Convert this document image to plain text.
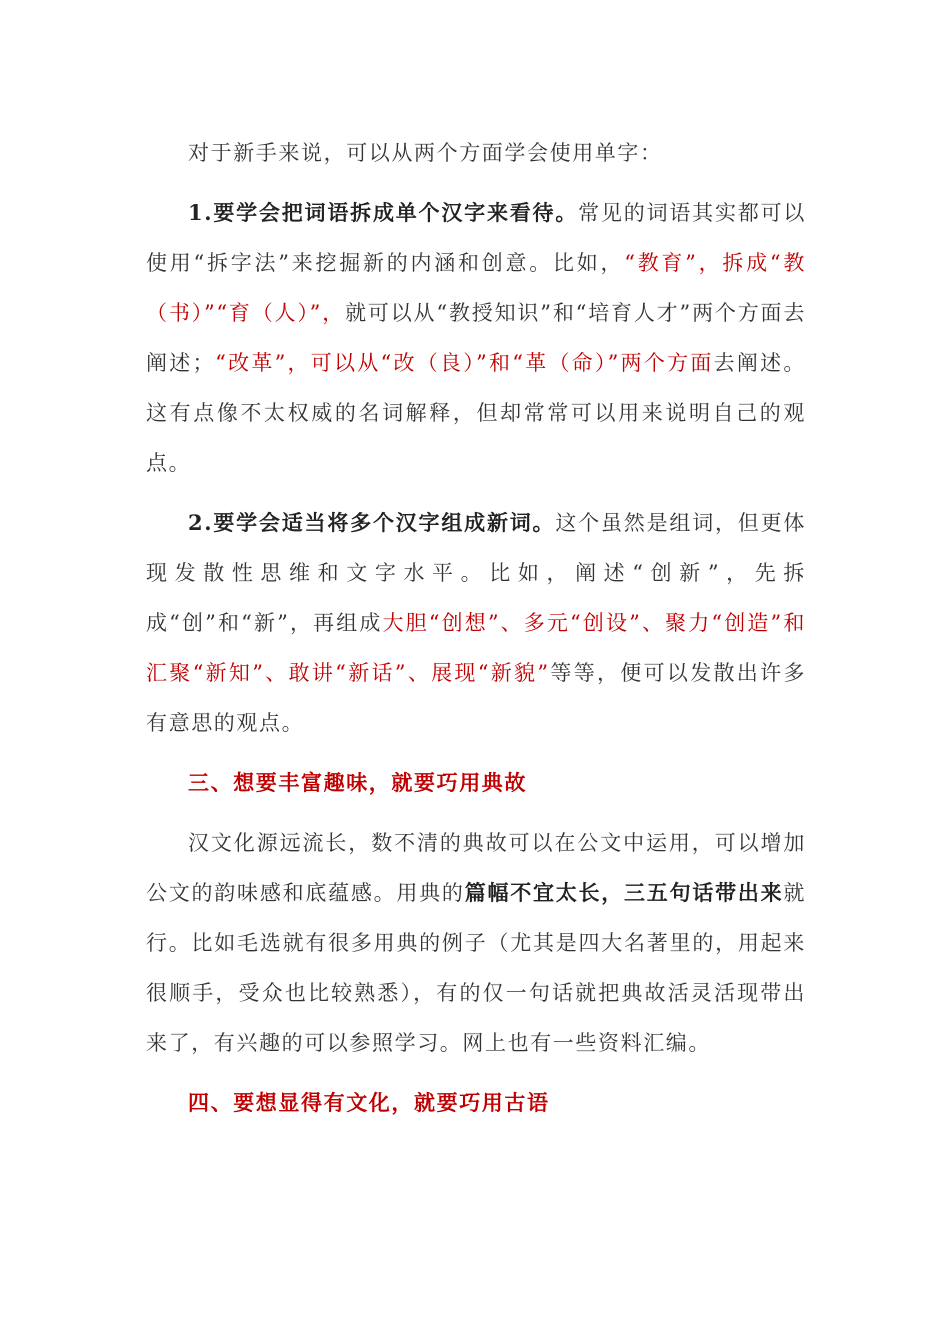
对于新手来说，可以从两个方面学会使用单字：

1.要学会把词语拆成单个汉字来看待。常见的词语其实都可以使用“拆字法”来挖掘新的内涵和创意。比如，“教育”，拆成“教（书）”“育（人）”，就可以从“教授知识”和“培育人才”两个方面去阐述；“改革”，可以从“改（良）”和“革（命）”两个方面去阐述。这有点像不太权威的名词解释，但却常常可以用来说明自己的观点。

2.要学会适当将多个汉字组成新词。这个虽然是组词，但更体现发散性思维和文字水平。比如，阐述“创新”，先拆成“创”和“新”，再组成大胆“创想”、多元“创设”、聚力“创造”和汇聚“新知”、敢讲“新话”、展现“新貌”等等，便可以发散出许多有意思的观点。

三、想要丰富趣味，就要巧用典故

汉文化源远流长，数不清的典故可以在公文中运用，可以增加公文的韵味感和底蕴感。用典的篇幅不宜太长，三五句话带出来就行。比如毛选就有很多用典的例子（尤其是四大名著里的，用起来很顺手，受众也比较熟悉），有的仅一句话就把典故活灵活现带出来了，有兴趣的可以参照学习。网上也有一些资料汇编。

四、要想显得有文化，就要巧用古语
